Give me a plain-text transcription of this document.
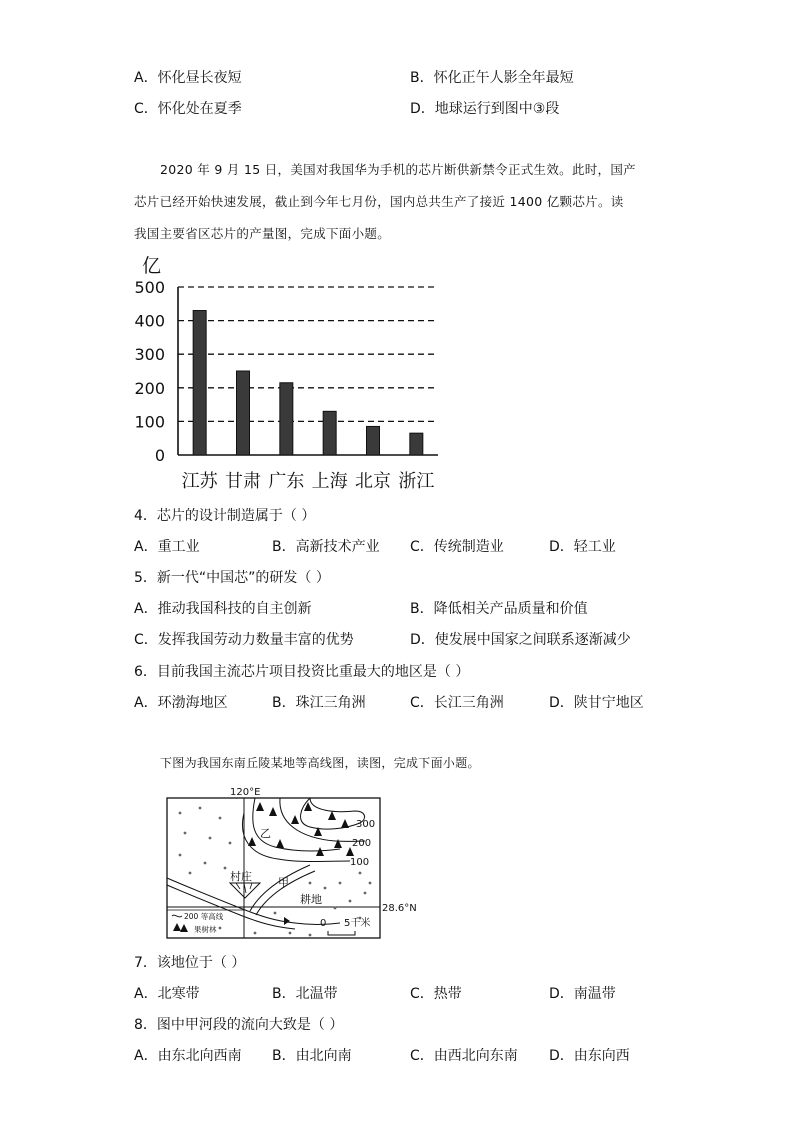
A．怀化昼长夜短	B．怀化正午人影全年最短
C．怀化处在夏季	D．地球运行到图中③段
2020 年 9 月 15 日，美国对我国华为手机的芯片断供新禁令正式生效。此时，国产
芯片已经开始快速发展，截止到今年七月份，国内总共生产了接近 1400 亿颗芯片。读
我国主要省区芯片的产量图，完成下面小题。
亿
0
100
200
300
400
500
江苏 甘肃 广东 上海 北京 浙江
4．芯片的设计制造属于（ ）
A．重工业	B．高新技术产业 C．传统制造业	D．轻工业
5．新一代“中国芯”的研发（ ）
A．推动我国科技的自主创新	B．降低相关产品质量和价值
C．发挥我国劳动力数量丰富的优势	D．使发展中国家之间联系逐渐减少
6．目前我国主流芯片项目投资比重最大的地区是（ ）
A．环渤海地区	B．珠江三角洲	C．长江三角洲	D．陕甘宁地区
下图为我国东南丘陵某地等高线图，读图，完成下面小题。
120°E
28.6°N
300
200
100
村庄
乙
甲
耕地
200 等高线
果树林
0 5千米
7．该地位于（ ）
A．北寒带	B．北温带	C．热带	D．南温带
8．图中甲河段的流向大致是（ ）
A．由东北向西南 B．由北向南	C．由西北向东南 D．由东向西
